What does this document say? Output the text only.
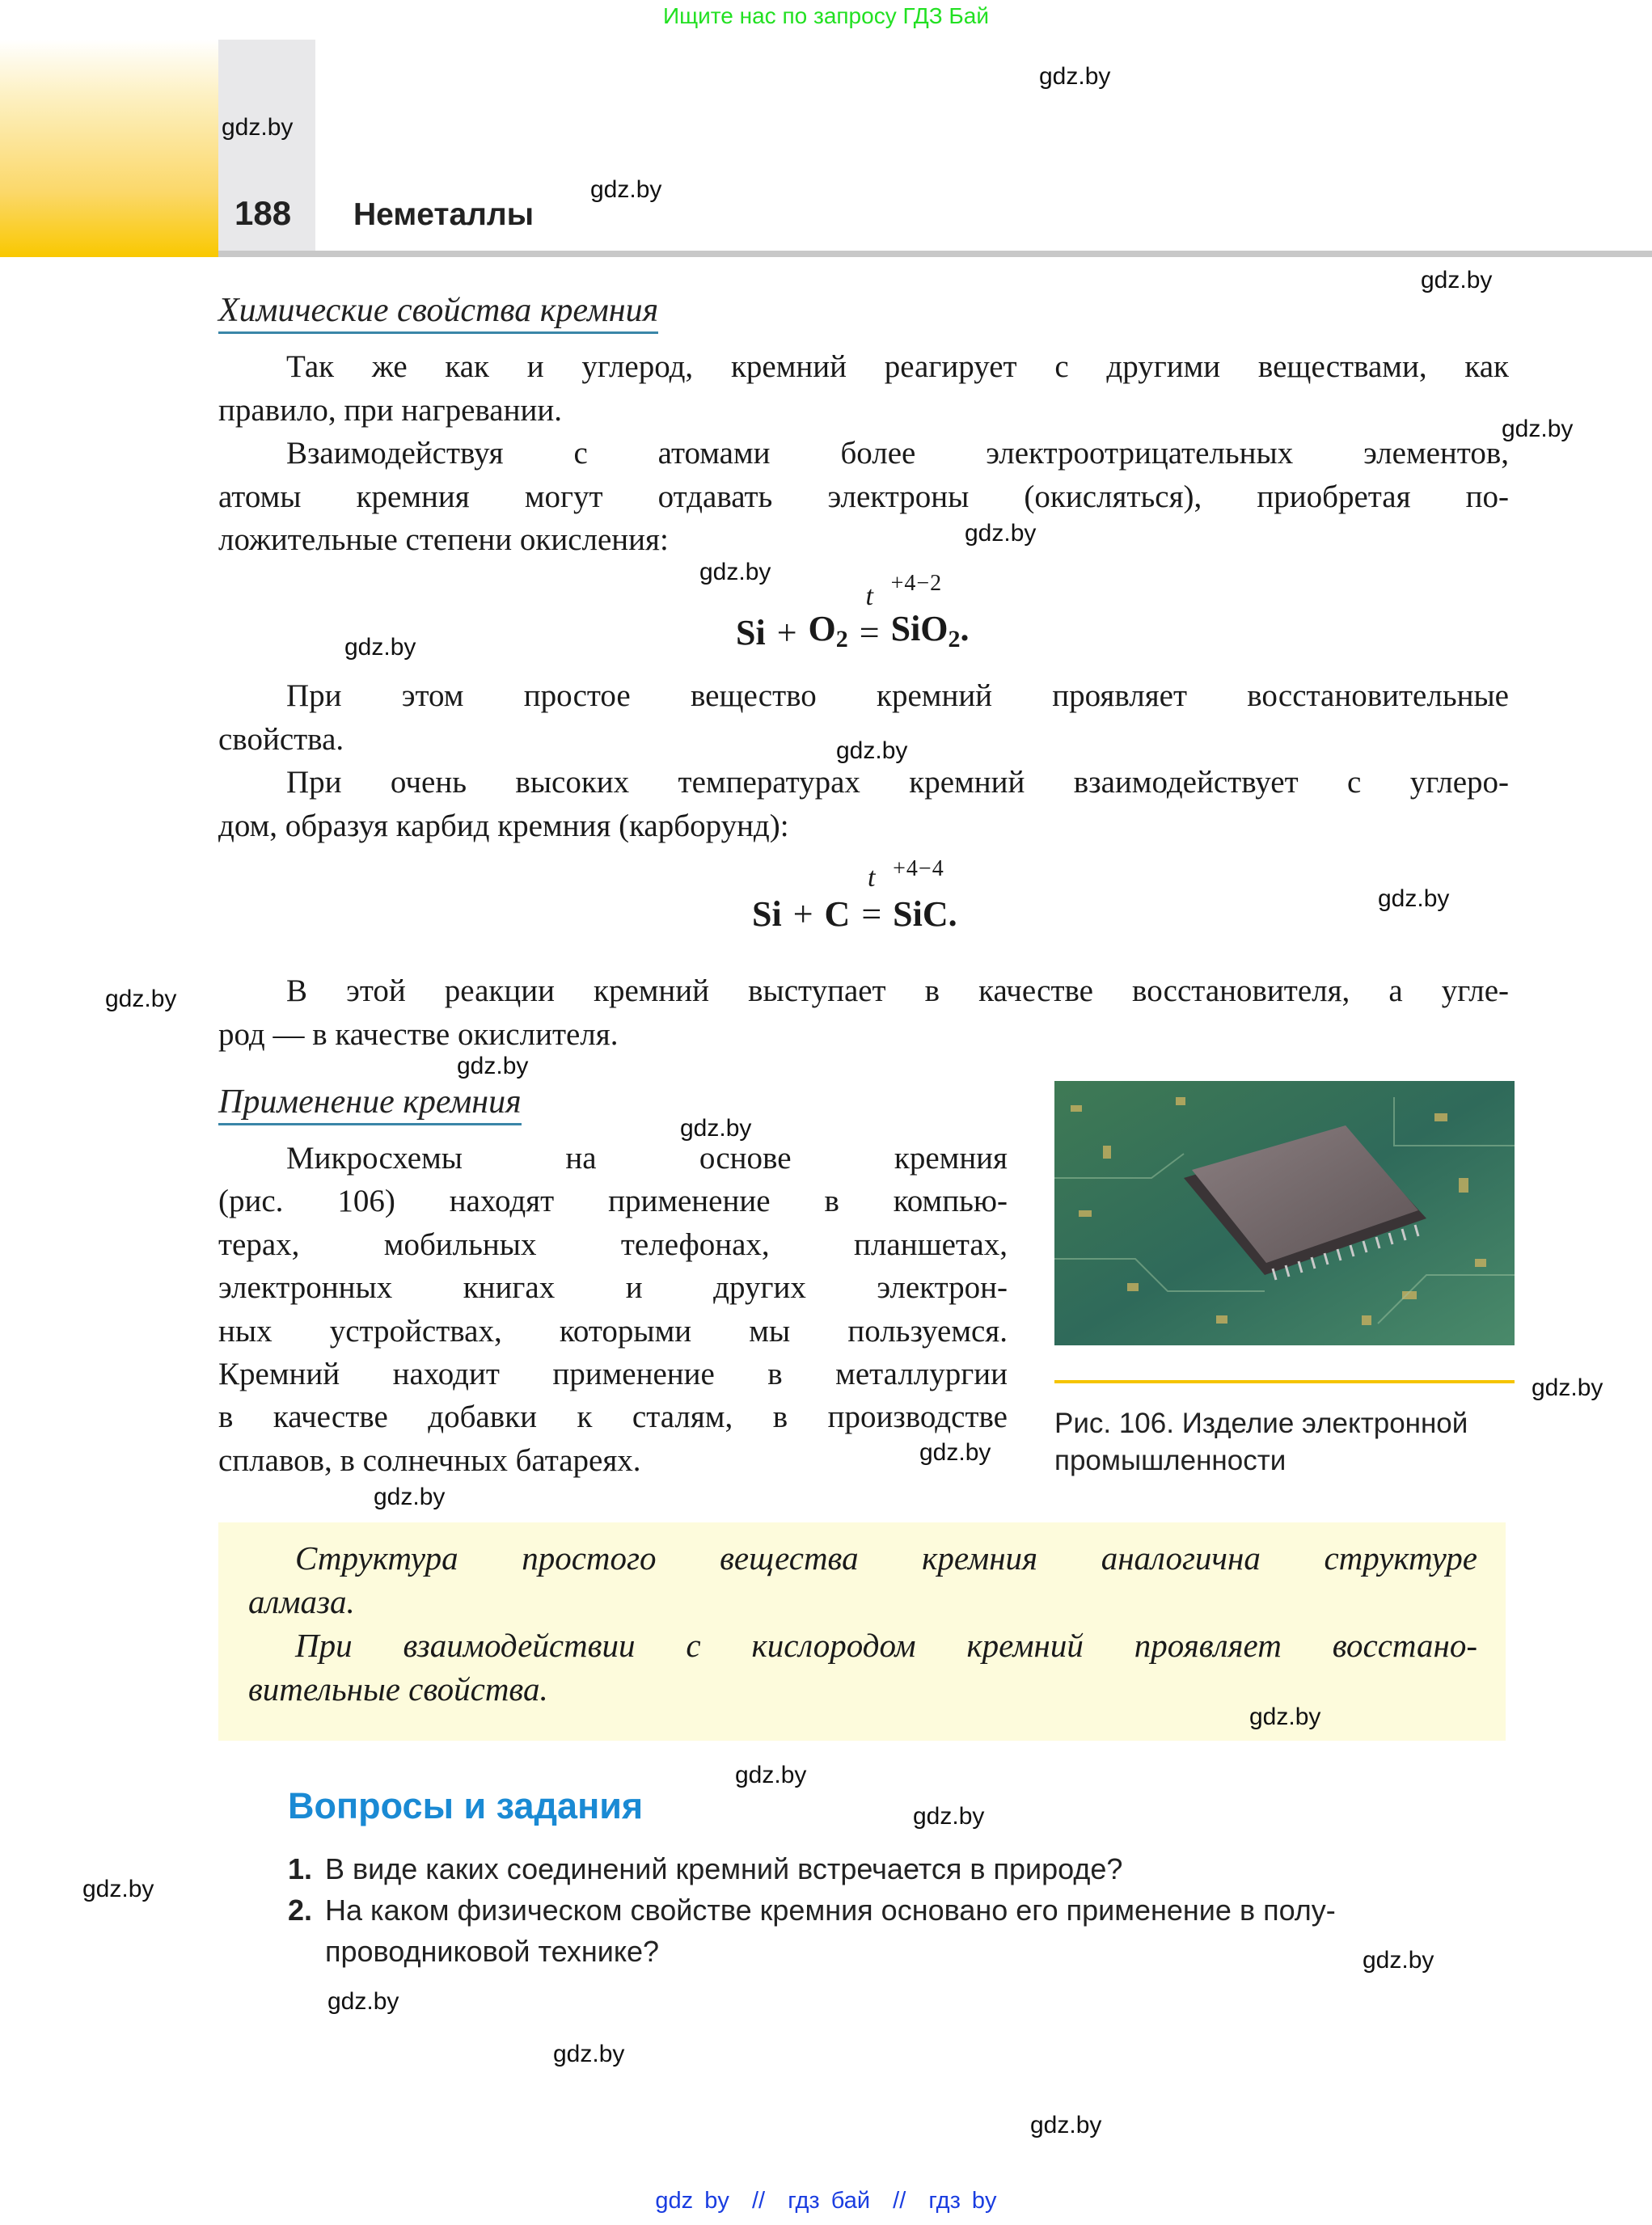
Ищите нас по запросу ГДЗ Бай
188 Неметаллы
Химические свойства кремния
Так же как и углерод, кремний реагирует с другими веществами, как
правило, при нагревании.
Взаимодействуя с атомами более электроотрицательных элементов,
атомы кремния могут отдавать электроны (окисляться), приобретая по-
ложительные степени окисления:
$Si + O_2$
t
=
+4−2
SiO$_2$.
При этом простое вещество кремний проявляет восстановительные
свойства.
При очень высоких температурах кремний взаимодействует с углеро-
дом, образуя карбид кремния (карборунд):
Si + C
t
=
+4−4
SiC.
В этой реакции кремний выступает в качестве восстановителя, а угле-
род — в качестве окислителя.
Применение кремния
Микросхемы на основе кремния
(рис. 106) находят применение в компью-
терах, мобильных телефонах, планшетах,
электронных книгах и других электрон-
ных устройствах, которыми мы пользуемся.
Кремний находит применение в металлургии
в качестве добавки к сталям, в производстве
сплавов, в солнечных батареях.
Рис. 106. Изделие электронной
промышленности
Структура простого вещества кремния аналогична структуре
алмаза.
При взаимодействии с кислородом кремний проявляет восстано-
вительные свойства.
Вопросы и задания
1. В виде каких соединений кремний встречается в природе?
2. На каком физическом свойстве кремния основано его применение в полу-
проводниковой технике?
gdz.by
gdz.by
gdz.by
gdz.by
gdz.by
gdz.by
gdz.by
gdz.by
gdz.by
gdz.by
gdz.by
gdz.by
gdz.by
gdz.by
gdz.by
gdz.by
gdz.by
gdz.by
gdz.by
gdz.by
gdz.by
gdz.by
gdz.by
gdz.by
gdz by  //  гдз бай  //  гдз by
